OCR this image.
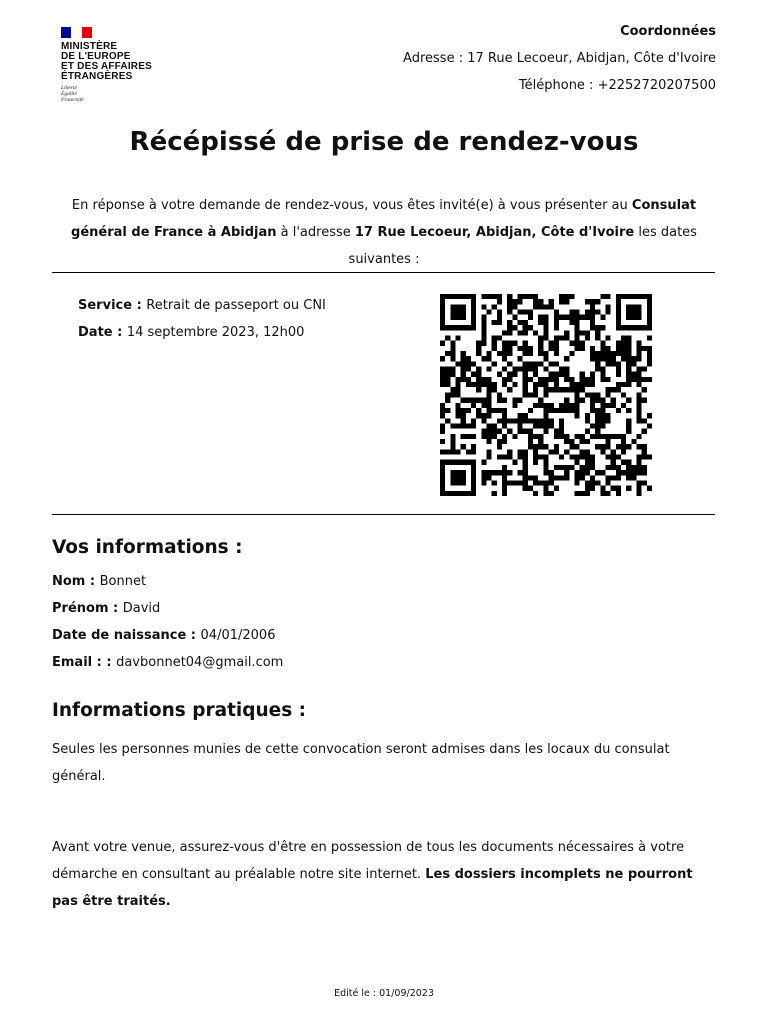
MINISTÈRE
DE L'EUROPE
ET DES AFFAIRES
ÉTRANGÈRES
Liberté
Égalité
Fraternité
Coordonnées
Adresse : 17 Rue Lecoeur, Abidjan, Côte d'Ivoire
Téléphone : +2252720207500
Récépissé de prise de rendez-vous
En réponse à votre demande de rendez-vous, vous êtes invité(e) à vous présenter au Consulat général de France à Abidjan à l'adresse 17 Rue Lecoeur, Abidjan, Côte d'Ivoire les dates suivantes :
Service : Retrait de passeport ou CNI
Date : 14 septembre 2023, 12h00
Vos informations :
Nom : Bonnet
Prénom : David
Date de naissance : 04/01/2006
Email : : davbonnet04@gmail.com
Informations pratiques :

Seules les personnes munies de cette convocation seront admises dans les locaux du consulat général.

Avant votre venue, assurez-vous d'être en possession de tous les documents nécessaires à votre démarche en consultant au préalable notre site internet. Les dossiers incomplets ne pourront pas être traités.

Edité le : 01/09/2023
